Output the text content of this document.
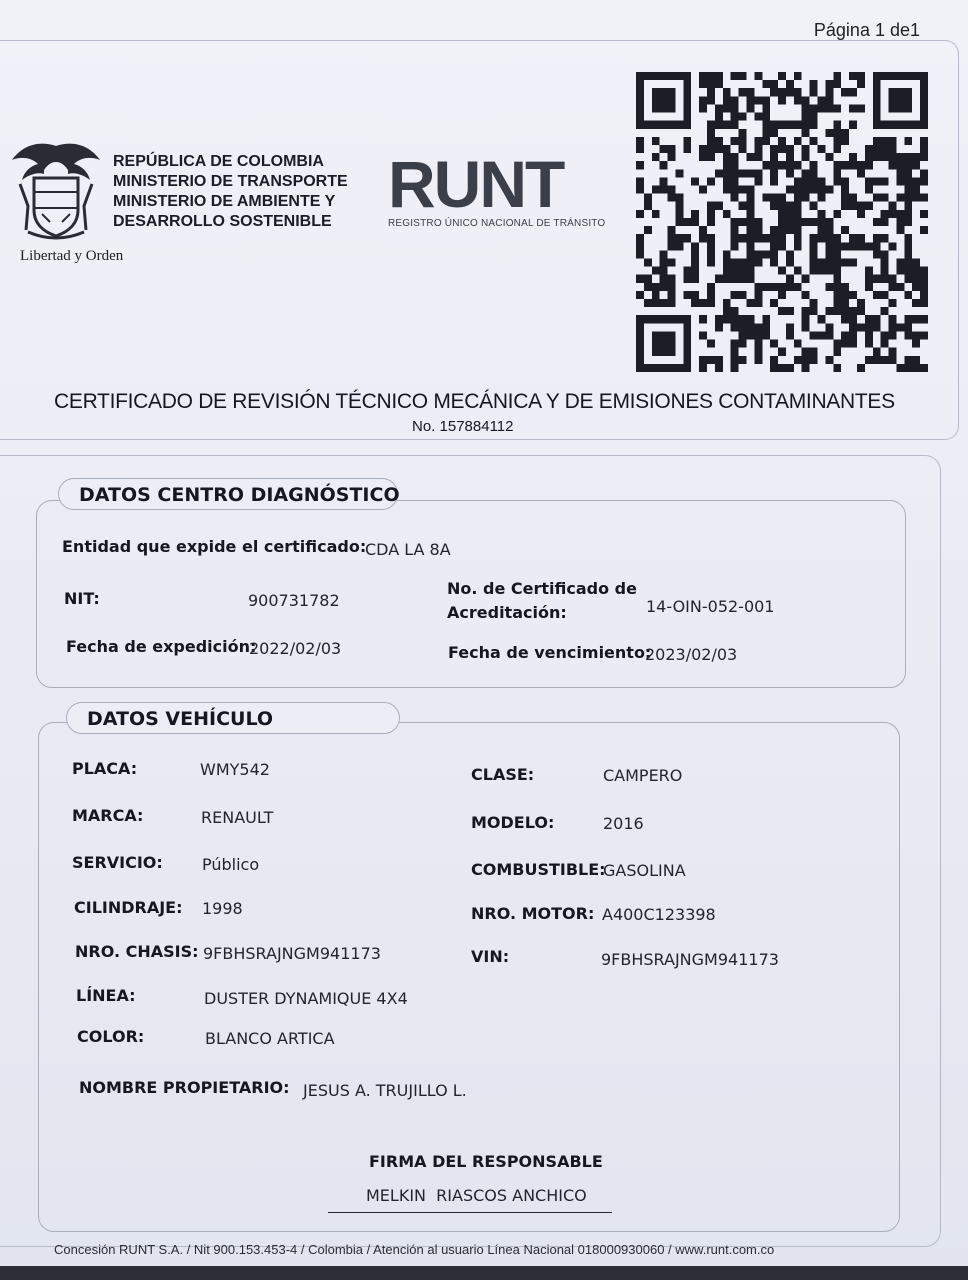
Página 1 de1
Libertad y Orden
REPÚBLICA DE COLOMBIA
MINISTERIO DE TRANSPORTE
MINISTERIO DE AMBIENTE Y
DESARROLLO SOSTENIBLE
RUNT
REGISTRO ÚNICO NACIONAL DE TRÁNSITO
CERTIFICADO DE REVISIÓN TÉCNICO MECÁNICA Y DE EMISIONES CONTAMINANTES
No. 157884112
DATOS CENTRO DIAGNÓSTICO
Entidad que expide el certificado:
CDA LA 8A
NIT:	900731782
No. de Certificado de
Acreditación:	14-OIN-052-001
Fecha de expedición:
2022/02/03	Fecha de vencimiento:
2023/02/03
DATOS VEHÍCULO
PLACA:	WMY542	CLASE:	CAMPERO
MARCA:	RENAULT	MODELO:	2016
SERVICIO: Público	COMBUSTIBLE:
GASOLINA
CILINDRAJE: 1998	NRO. MOTOR: A400C123398
NRO. CHASIS: 9FBHSRAJNGM941173	VIN:	9FBHSRAJNGM941173
LÍNEA:	DUSTER DYNAMIQUE 4X4
COLOR:	BLANCO ARTICA
NOMBRE PROPIETARIO: JESUS A. TRUJILLO L.
FIRMA DEL RESPONSABLE
MELKIN  RIASCOS ANCHICO
Concesión RUNT S.A. / Nit 900.153.453-4 / Colombia / Atención al usuario Línea Nacional 018000930060 / www.runt.com.co
